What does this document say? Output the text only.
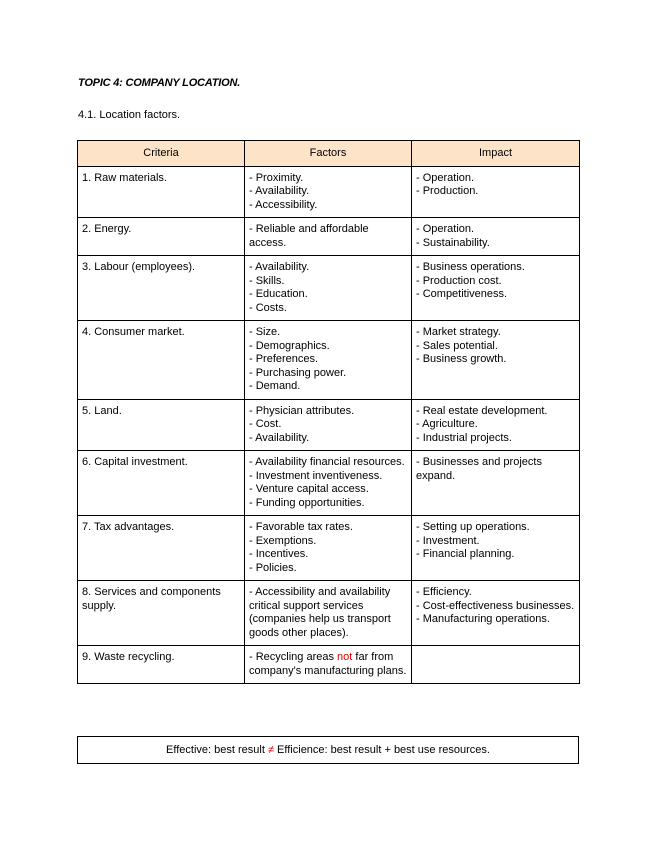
TOPIC 4: COMPANY LOCATION.
4.1. Location factors.
Criteria	Factors	Impact
1. Raw materials.	- Proximity.
- Availability.
- Accessibility.	- Operation.
- Production.

2. Energy.	- Reliable and affordable access.	- Operation.
- Sustainability.

3. Labour (employees).	- Availability.
- Skills.
- Education.
- Costs.	- Business operations.
- Production cost.
- Competitiveness.

4. Consumer market.	- Size.
- Demographics.
- Preferences.
- Purchasing power.
- Demand.	- Market strategy.
- Sales potential.
- Business growth.

5. Land.	- Physician attributes.
- Cost.
- Availability.	- Real estate development.
- Agriculture.
- Industrial projects.

6. Capital investment.	- Availability financial resources.
- Investment inventiveness.
- Venture capital access.
- Funding opportunities.	- Businesses and projects expand.

7. Tax advantages.	- Favorable tax rates.
- Exemptions.
- Incentives.
- Policies.	- Setting up operations.
- Investment.
- Financial planning.

8. Services and components supply.	- Accessibility and availability critical support services (companies help us transport goods other places).	- Efficiency.
- Cost-effectiveness businesses.
- Manufacturing operations.

9. Waste recycling.	- Recycling areas not far from company's manufacturing plans.	
Effective: best result ≠ Efficience: best result + best use resources.
